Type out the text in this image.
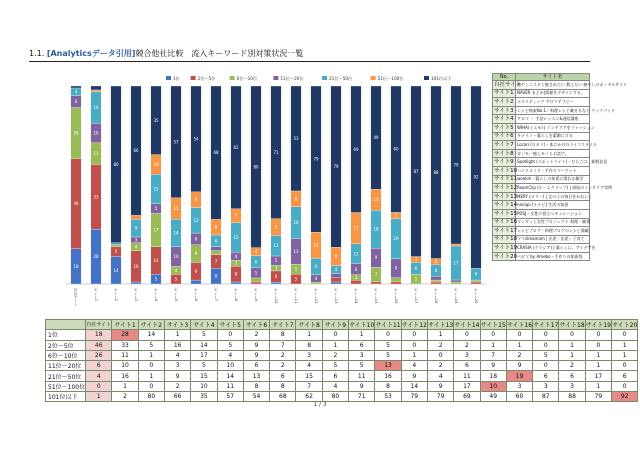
1.1. [Analyticsデータ引用]競合他社比較　流入キーワード別対策状況一覧
1位	2位〜5位	6位〜10位	11位〜20位	21位〜50位	51位〜100位	101位以下
18
46
26
6
4
自社サイト
28
33
11
10
16
サイト1
14
5
80
サイト2
16
4
3
9
66
サイト3
5
14
17
5
15
10
35
サイト4
5
4
10
14
11
57
サイト5
9
9
6
13
8
54
サイト6
8
7
6
8
68
サイト7
8
3
4
15
7
62
サイト8
5
6
4
80
サイト9
6
3
5
11
9
71
サイト10
5
5
13
16
8
53
サイト11
4
9
14
79
サイト12
4
9
79
サイト13
3
6
11
17
69
サイト14
7
9
18
10
49
サイト15
9
19
3
60
サイト16
5
6
3
87
サイト17
6
3
88
サイト18
17
79
サイト19
6
92
サイト20
No.	サイト名
自社サイト	癒やしニスタ | 癒されたい 教えたい 癒やしのポータルサイト
サイト1	NAVER まとめ|情報をデザインする。
サイト2	ホリスティック アロマテラピー
サイト3	レシピ検索No.1／料理レシピ載せるなら クックパッド
サイト4	アロマ ・ 手話レッスン&通信講座
サイト5	WIHA(イエモ) | インテリアをファッション
サイト6	キナリノ - 暮らしを素敵にする
サイト7	Locari (ロカリ) - 本にかけのライフスタイル
サイト8	ガジモ - 癒しモノとお話で。
サイト9	Spotlight (スポットライト) - ひらごは、新鮮発見
サイト10	ハンドメイド・手作りマーケット
サイト11	weekm - 暮らしの知恵に関わる雑学
サイト12	RoomClip (ルームクリップ) | 部屋のインテリア実例
サイト13	MERY (メリー) | 女の子の毎日をかわいく
サイト14	nanapi [ナナピ] 生活の知恵
サイト15	PDSJ - 女性に役立つキュレーション
サイト16	マンギュ | 女性プロジェクト 料理・雑貨
サイト17	レシピブログ - 料理ブログのレシピ満載
サイト18	ママslmamam | 出産・出産・子育て
サイト19	CRASIA (クラシア) | 暮らしに、アイデアを
サイト20	ベビマ by Amebo - 手作りの知恵袋
	自社サイト	サイト1	サイト2	サイト3	サイト4	サイト5	サイト6	サイト7	サイト8	サイト9	サイト10	サイト11	サイト12	サイト13	サイト14	サイト15	サイト16	サイト17	サイト18	サイト19	サイト20
1位	18	28	14	1	5	0	2	8	1	0	1	0	0	1	0	0	0	0	0	0	0
2位〜5位	46	33	5	16	14	5	9	7	8	1	6	5	0	2	2	1	1	0	1	0	1
6位〜10位	26	11	1	4	17	4	9	2	3	2	3	5	1	0	3	7	2	5	1	1	1
11位〜20位	6	10	0	3	5	10	6	2	4	5	5	13	4	2	6	9	9	0	2	1	0
21位〜50位	4	16	1	9	15	14	13	6	15	6	11	16	9	4	11	18	19	6	6	17	6
51位〜100位	0	1	0	2	10	11	8	8	7	4	9	8	14	9	17	10	3	3	3	1	0
101位以下	1	2	80	66	35	57	54	68	62	80	71	53	79	79	69	49	60	87	88	79	92
1 / 3
